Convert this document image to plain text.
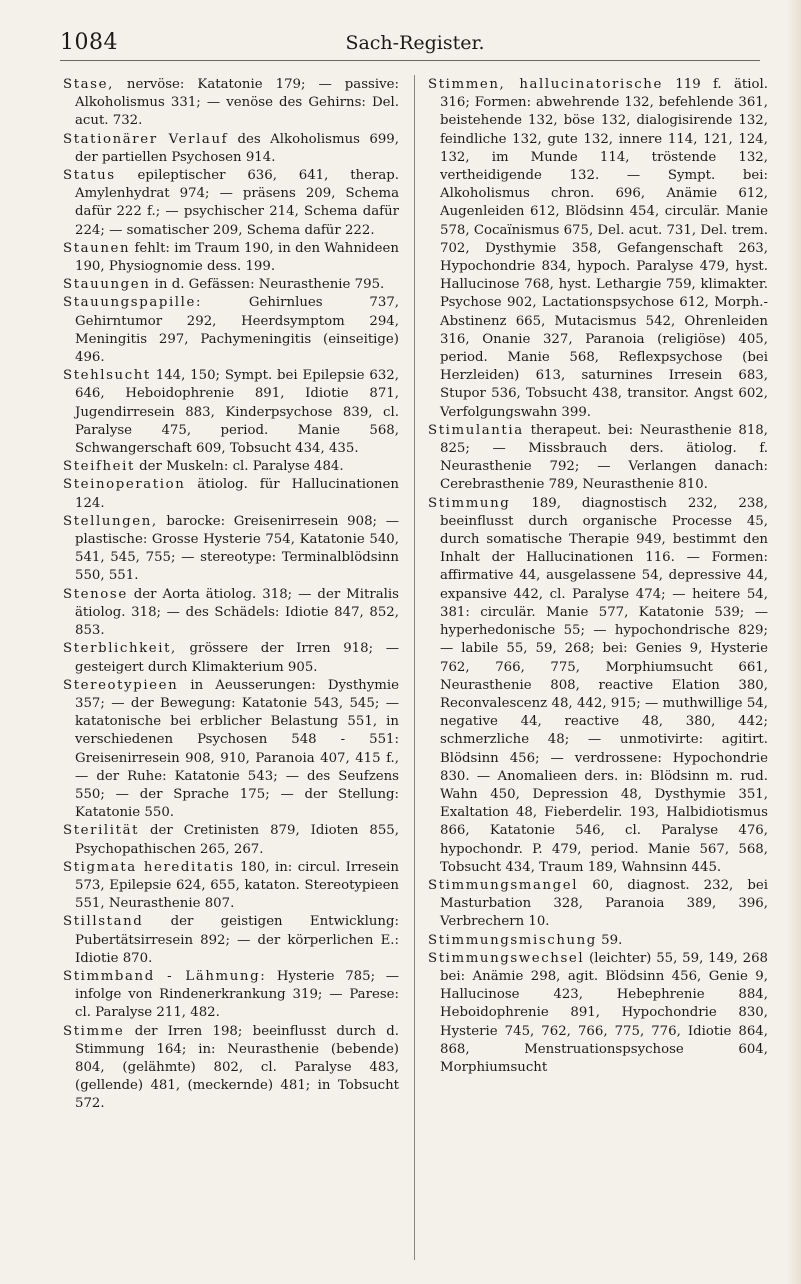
1084	Sach-Register.

Stase, nervöse: Katatonie 179; — passive: Alkoholismus 331; — venöse des Gehirns: Del. acut. 732.

Stationärer Verlauf des Alkoholismus 699, der partiellen Psychosen 914.

Status epileptischer 636, 641, therap. Amylenhydrat 974; — präsens 209, Schema dafür 222 f.; — psychischer 214, Schema dafür 224; — somatischer 209, Schema dafür 222.

Staunen fehlt: im Traum 190, in den Wahnideen 190, Physiognomie dess. 199.

Stauungen in d. Gefässen: Neurasthenie 795.

Stauungspapille: Gehirnlues 737, Gehirntumor 292, Heerdsymptom 294, Meningitis 297, Pachymeningitis (einseitige) 496.

Stehlsucht 144, 150; Sympt. bei Epilepsie 632, 646, Heboidophrenie 891, Idiotie 871, Jugendirresein 883, Kinderpsychose 839, cl. Paralyse 475, period. Manie 568, Schwangerschaft 609, Tobsucht 434, 435.

Steifheit der Muskeln: cl. Paralyse 484.

Steinoperation ätiolog. für Hallucinationen 124.

Stellungen, barocke: Greisenirresein 908; — plastische: Grosse Hysterie 754, Katatonie 540, 541, 545, 755; — stereotype: Terminalblödsinn 550, 551.

Stenose der Aorta ätiolog. 318; — der Mitralis ätiolog. 318; — des Schädels: Idiotie 847, 852, 853.

Sterblichkeit, grössere der Irren 918; — gesteigert durch Klimakterium 905.

Stereotypieen in Aeusserungen: Dysthymie 357; — der Bewegung: Katatonie 543, 545; — katatonische bei erblicher Belastung 551, in verschiedenen Psychosen 548 - 551: Greisenirresein 908, 910, Paranoia 407, 415 f., — der Ruhe: Katatonie 543; — des Seufzens 550; — der Sprache 175; — der Stellung: Katatonie 550.

Sterilität der Cretinisten 879, Idioten 855, Psychopathischen 265, 267.

Stigmata hereditatis 180, in: circul. Irresein 573, Epilepsie 624, 655, kataton. Stereotypieen 551, Neurasthenie 807.

Stillstand der geistigen Entwicklung: Pubertätsirresein 892; — der körperlichen E.: Idiotie 870.

Stimmband - Lähmung: Hysterie 785; — infolge von Rindenerkrankung 319; — Parese: cl. Paralyse 211, 482.

Stimme der Irren 198; beeinflusst durch d. Stimmung 164; in: Neurasthenie (bebende) 804, (gelähmte) 802, cl. Paralyse 483, (gellende) 481, (meckernde) 481; in Tobsucht 572.

Stimmen, hallucinatorische 119 f. ätiol. 316; Formen: abwehrende 132, befehlende 361, beistehende 132, böse 132, dialogisirende 132, feindliche 132, gute 132, innere 114, 121, 124, 132, im Munde 114, tröstende 132, vertheidigende 132. — Sympt. bei: Alkoholismus chron. 696, Anämie 612, Augenleiden 612, Blödsinn 454, circulär. Manie 578, Cocaïnismus 675, Del. acut. 731, Del. trem. 702, Dysthymie 358, Gefangenschaft 263, Hypochondrie 834, hypoch. Paralyse 479, hyst. Hallucinose 768, hyst. Lethargie 759, klimakter. Psychose 902, Lactationspsychose 612, Morph.-Abstinenz 665, Mutacismus 542, Ohrenleiden 316, Onanie 327, Paranoia (religiöse) 405, period. Manie 568, Reflexpsychose (bei Herzleiden) 613, saturnines Irresein 683, Stupor 536, Tobsucht 438, transitor. Angst 602, Verfolgungswahn 399.

Stimulantia therapeut. bei: Neurasthenie 818, 825; — Missbrauch ders. ätiolog. f. Neurasthenie 792; — Verlangen danach: Cerebrasthenie 789, Neurasthenie 810.

Stimmung 189, diagnostisch 232, 238, beeinflusst durch organische Processe 45, durch somatische Therapie 949, bestimmt den Inhalt der Hallucinationen 116. — Formen: affirmative 44, ausgelassene 54, depressive 44, expansive 442, cl. Paralyse 474; — heitere 54, 381: circulär. Manie 577, Katatonie 539; — hyperhedonische 55; — hypochondrische 829; — labile 55, 59, 268; bei: Genies 9, Hysterie 762, 766, 775, Morphiumsucht 661, Neurasthenie 808, reactive Elation 380, Reconvalescenz 48, 442, 915; — muthwillige 54, negative 44, reactive 48, 380, 442; schmerzliche 48; — unmotivirte: agitirt. Blödsinn 456; — verdrossene: Hypochondrie 830. — Anomalieen ders. in: Blödsinn m. rud. Wahn 450, Depression 48, Dysthymie 351, Exaltation 48, Fieberdelir. 193, Halbidiotismus 866, Katatonie 546, cl. Paralyse 476, hypochondr. P. 479, period. Manie 567, 568, Tobsucht 434, Traum 189, Wahnsinn 445.

Stimmungsmangel 60, diagnost. 232, bei Masturbation 328, Paranoia 389, 396, Verbrechern 10.

Stimmungsmischung 59.

Stimmungswechsel (leichter) 55, 59, 149, 268 bei: Anämie 298, agit. Blödsinn 456, Genie 9, Hallucinose 423, Hebephrenie 884, Heboidophrenie 891, Hypochondrie 830, Hysterie 745, 762, 766, 775, 776, Idiotie 864, 868, Menstruationspsychose 604, Morphiumsucht
